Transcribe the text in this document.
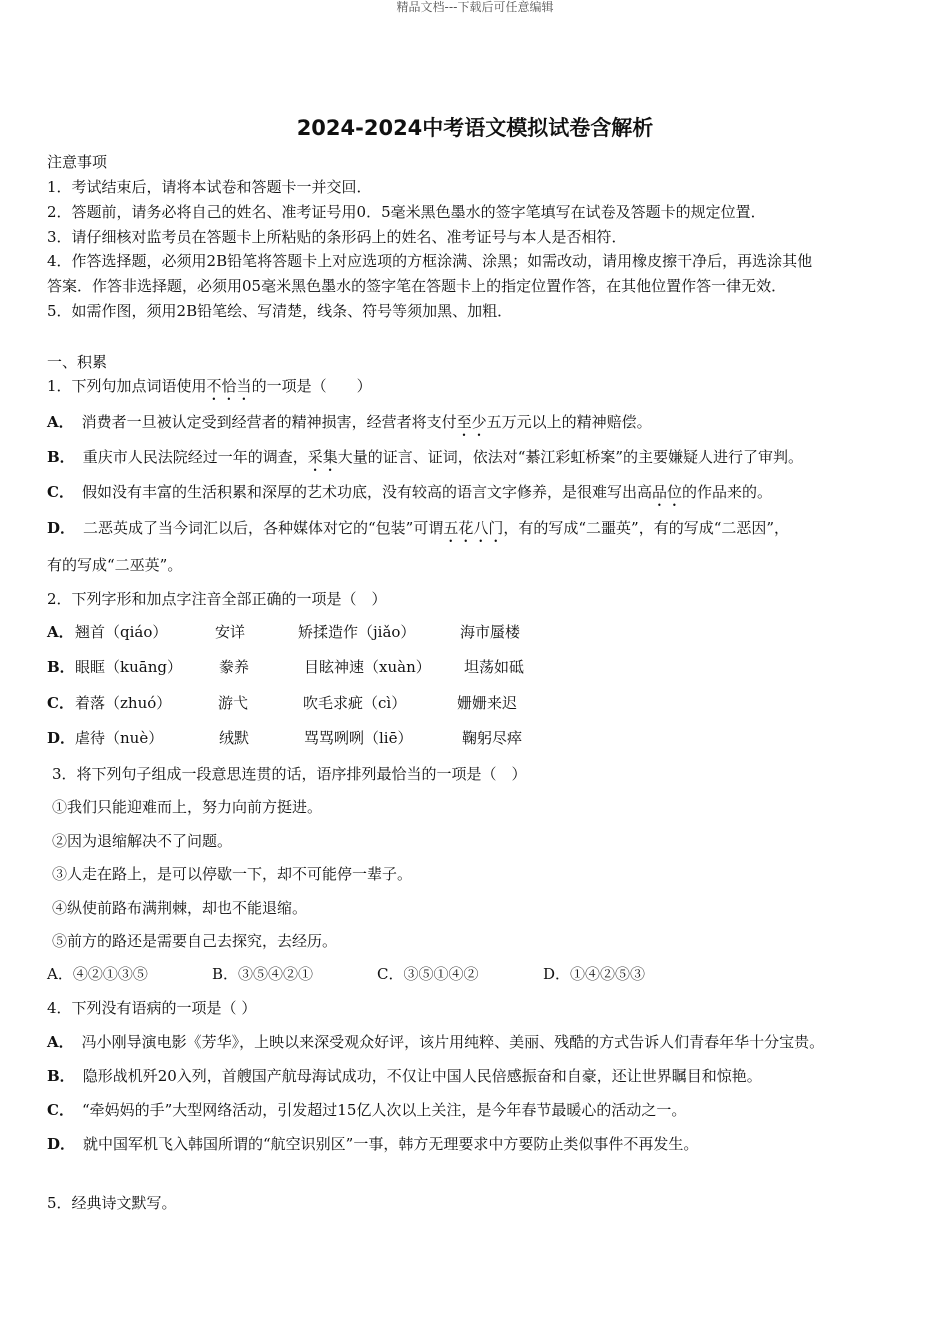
精品文档---下载后可任意编辑
2024-2024中考语文模拟试卷含解析
注意事项
1．考试结束后，请将本试卷和答题卡一并交回．
2．答题前，请务必将自己的姓名、准考证号用0．5毫米黑色墨水的签字笔填写在试卷及答题卡的规定位置．
3．请仔细核对监考员在答题卡上所粘贴的条形码上的姓名、准考证号与本人是否相符．
4．作答选择题，必须用2B铅笔将答题卡上对应选项的方框涂满、涂黑；如需改动，请用橡皮擦干净后，再选涂其他
答案．作答非选择题，必须用05毫米黑色墨水的签字笔在答题卡上的指定位置作答，在其他位置作答一律无效．
5．如需作图，须用2B铅笔绘、写清楚，线条、符号等须加黑、加粗．
一、积累
1．下列句加点词语使用不恰当的一项是（　　）
A． 消费者一旦被认定受到经营者的精神损害，经营者将支付至少五万元以上的精神赔偿。
B． 重庆市人民法院经过一年的调查，采集大量的证言、证词，依法对“綦江彩虹桥案”的主要嫌疑人进行了审判。
C． 假如没有丰富的生活积累和深厚的艺术功底，没有较高的语言文字修养，是很难写出高品位的作品来的。
D． 二恶英成了当今词汇以后，各种媒体对它的“包装”可谓五花八门，有的写成“二噩英”，有的写成“二恶因”，
有的写成“二巫英”。
2．下列字形和加点字注音全部正确的一项是（　）
A． 翘首（qiáo）	安详	矫揉造作（jiǎo）	海市蜃楼
B． 眼眶（kuāng） 豢养	目眩神速（xuàn） 坦荡如砥
C． 着落（zhuó）	游弋	吹毛求疵（cì）	姗姗来迟
D． 虐待（nuè）	绒默	骂骂咧咧（liē）	鞠躬尽瘁
3．将下列句子组成一段意思连贯的话，语序排列最恰当的一项是（　）
①我们只能迎难而上，努力向前方挺进。
②因为退缩解决不了问题。
③人走在路上，是可以停歇一下，却不可能停一辈子。
④纵使前路布满荆棘，却也不能退缩。
⑤前方的路还是需要自己去探究，去经历。
A．④②①③⑤	B．③⑤④②①	C．③⑤①④②	D．①④②⑤③
4．下列没有语病的一项是（ ）
A． 冯小刚导演电影《芳华》，上映以来深受观众好评，该片用纯粹、美丽、残酷的方式告诉人们青春年华十分宝贵。
B． 隐形战机歼20入列，首艘国产航母海试成功，不仅让中国人民倍感振奋和自豪，还让世界瞩目和惊艳。
C． “牵妈妈的手”大型网络活动，引发超过15亿人次以上关注，是今年春节最暖心的活动之一。
D． 就中国军机飞入韩国所谓的“航空识别区”一事，韩方无理要求中方要防止类似事件不再发生。
5．经典诗文默写。
